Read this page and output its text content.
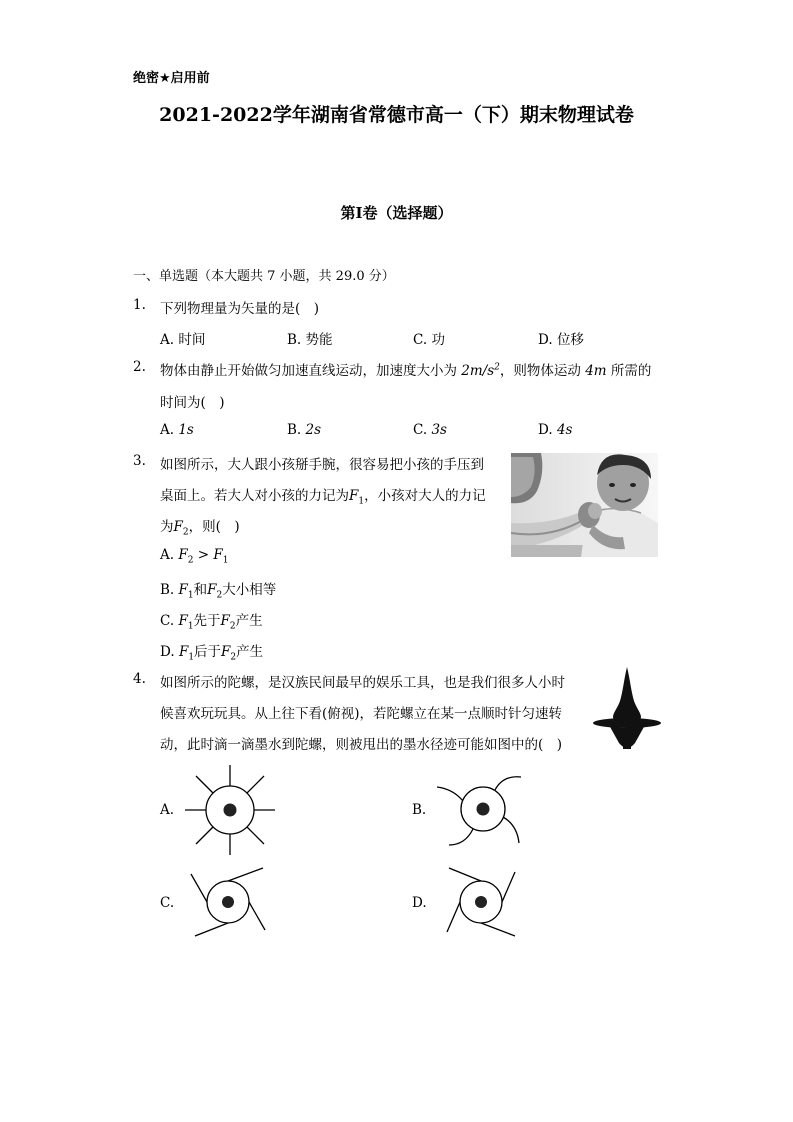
绝密★启用前
2021-2022学年湖南省常德市高一（下）期末物理试卷
第I卷（选择题）
一、单选题（本大题共 7 小题，共 29.0 分）
1. 下列物理量为矢量的是(　)
A. 时间	B. 势能	C. 功	D. 位移
2. 物体由静止开始做匀加速直线运动，加速度大小为 $2m/s^2$，则物体运动 4m 所需的
时间为(　)
A. 1s	B. 2s	C. 3s	D. 4s
3. 如图所示，大人跟小孩掰手腕，很容易把小孩的手压到
桌面上。若大人对小孩的力记为$F_1$，小孩对大人的力记
为$F_2$，则(　)
A. $F_2 > F_1$
B. $F_1$和$F_2$大小相等
C. $F_1$先于$F_2$产生
D. $F_1$后于$F_2$产生
4. 如图所示的陀螺，是汉族民间最早的娱乐工具，也是我们很多人小时
候喜欢玩玩具。从上往下看(俯视)，若陀螺立在某一点顺时针匀速转
动，此时滴一滴墨水到陀螺，则被甩出的墨水径迹可能如图中的(　)
A.	B.
C.	D.
